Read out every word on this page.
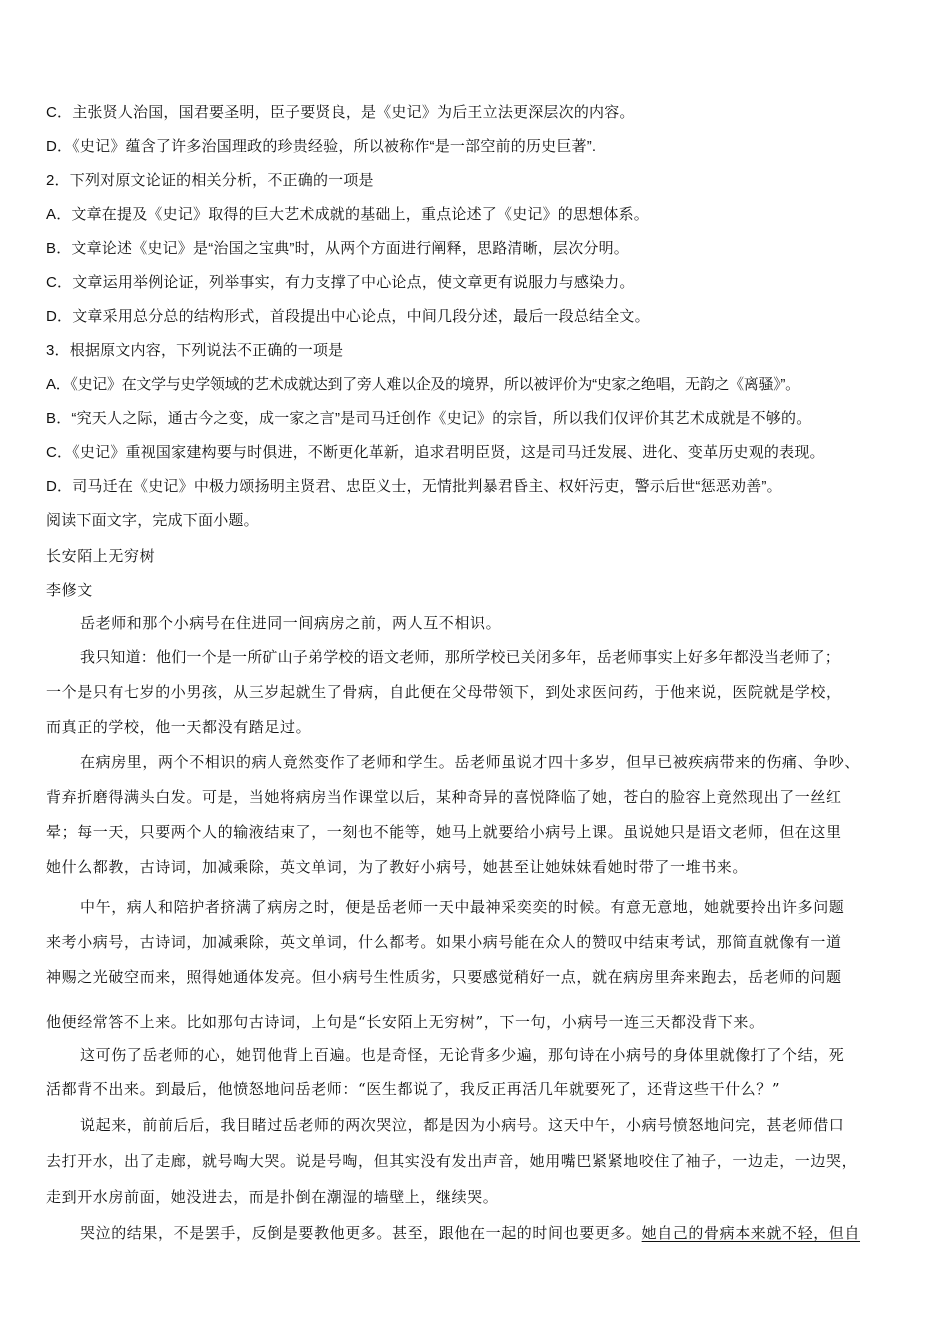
C．主张贤人治国，国君要圣明，臣子要贤良，是《史记》为后王立法更深层次的内容。
D．《史记》蕴含了许多治国理政的珍贵经验，所以被称作“是一部空前的历史巨著”.
2．下列对原文论证的相关分析，不正确的一项是
A．文章在提及《史记》取得的巨大艺术成就的基础上，重点论述了《史记》的思想体系。
B．文章论述《史记》是“治国之宝典”时，从两个方面进行阐释，思路清晰，层次分明。
C．文章运用举例论证，列举事实，有力支撑了中心论点，使文章更有说服力与感染力。
D．文章采用总分总的结构形式，首段提出中心论点，中间几段分述，最后一段总结全文。
3．根据原文内容，下列说法不正确的一项是
A．《史记》在文学与史学领域的艺术成就达到了旁人难以企及的境界，所以被评价为“史家之绝唱，无韵之《离骚》”。
B．“究天人之际，通古今之变，成一家之言”是司马迁创作《史记》的宗旨，所以我们仅评价其艺术成就是不够的。
C．《史记》重视国家建构要与时俱进，不断更化革新，追求君明臣贤，这是司马迁发展、进化、变革历史观的表现。
D．司马迁在《史记》中极力颂扬明主贤君、忠臣义士，无情批判暴君昏主、权奸污吏，警示后世“惩恶劝善”。
阅读下面文字，完成下面小题。
长安陌上无穷树
李修文
岳老师和那个小病号在住进同一间病房之前，两人互不相识。
我只知道：他们一个是一所矿山子弟学校的语文老师，那所学校已关闭多年，岳老师事实上好多年都没当老师了；
一个是只有七岁的小男孩，从三岁起就生了骨病，自此便在父母带领下，到处求医问药，于他来说，医院就是学校，
而真正的学校，他一天都没有踏足过。
在病房里，两个不相识的病人竟然变作了老师和学生。岳老师虽说才四十多岁，但早已被疾病带来的伤痛、争吵、
背弃折磨得满头白发。可是，当她将病房当作课堂以后，某种奇异的喜悦降临了她，苍白的脸容上竟然现出了一丝红
晕；每一天，只要两个人的输液结束了，一刻也不能等，她马上就要给小病号上课。虽说她只是语文老师，但在这里
她什么都教，古诗词，加减乘除，英文单词，为了教好小病号，她甚至让她妹妹看她时带了一堆书来。
中午，病人和陪护者挤满了病房之时，便是岳老师一天中最神采奕奕的时候。有意无意地，她就要拎出许多问题
来考小病号，古诗词，加减乘除，英文单词，什么都考。如果小病号能在众人的赞叹中结束考试，那简直就像有一道
神赐之光破空而来，照得她通体发亮。但小病号生性质劣，只要感觉稍好一点，就在病房里奔来跑去，岳老师的问题
他便经常答不上来。比如那句古诗词，上句是“长安陌上无穷树”，下一句，小病号一连三天都没背下来。
这可伤了岳老师的心，她罚他背上百遍。也是奇怪，无论背多少遍，那句诗在小病号的身体里就像打了个结，死
活都背不出来。到最后，他愤怒地问岳老师：“医生都说了，我反正再活几年就要死了，还背这些干什么？”
说起来，前前后后，我目睹过岳老师的两次哭泣，都是因为小病号。这天中午，小病号愤怒地问完，甚老师借口
去打开水，出了走廊，就号啕大哭。说是号啕，但其实没有发出声音，她用嘴巴紧紧地咬住了袖子，一边走，一边哭，
走到开水房前面，她没进去，而是扑倒在潮湿的墙壁上，继续哭。
哭泣的结果，不是罢手，反倒是要教他更多。甚至，跟他在一起的时间也要更多。她自己的骨病本来就不轻，但自
